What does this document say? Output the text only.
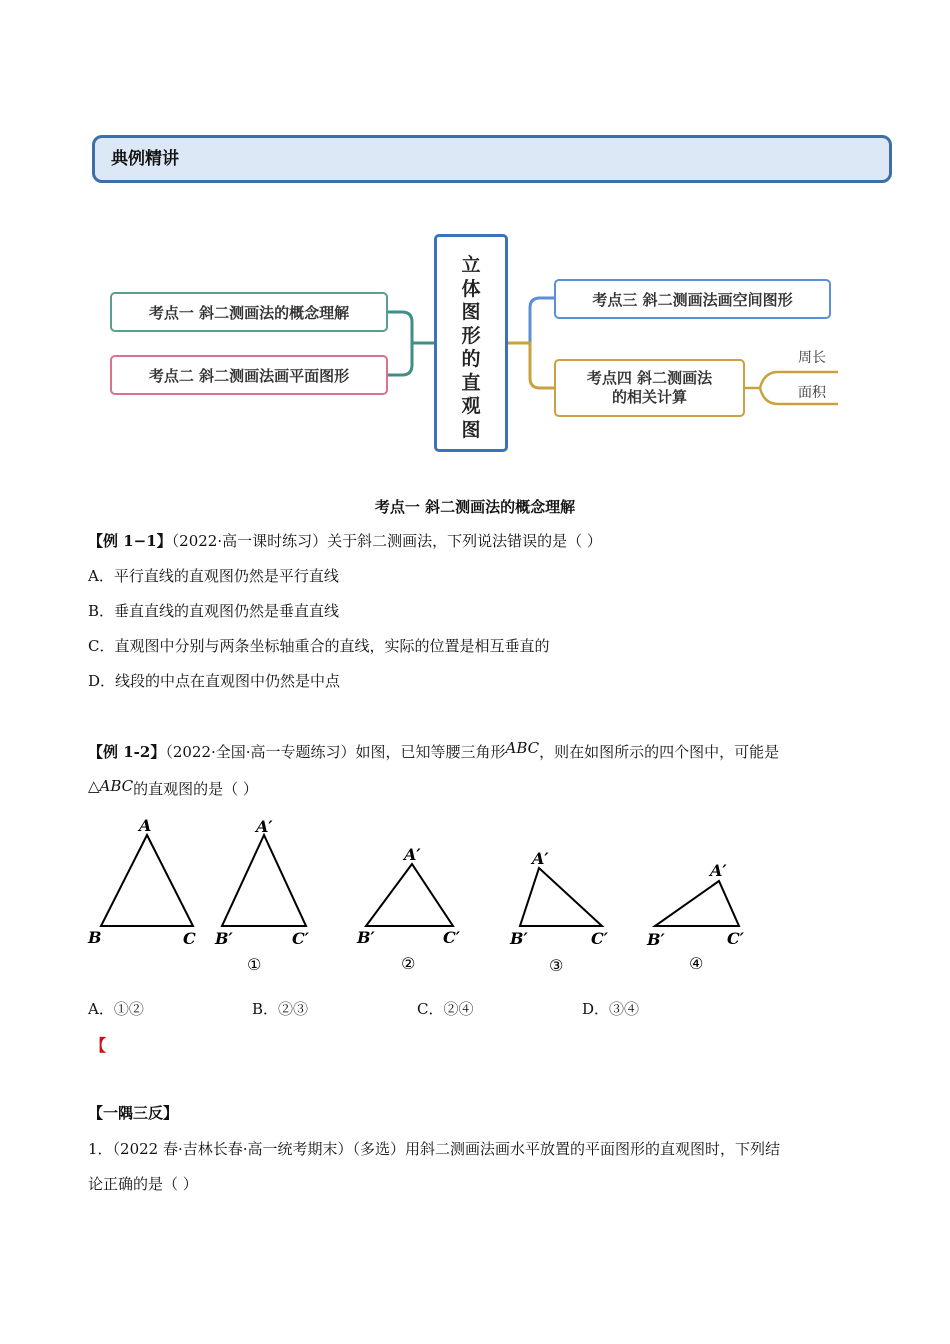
典例精讲
立
体
图
形
的
直
观
图
考点一 斜二测画法的概念理解
考点二 斜二测画法画平面图形
考点三 斜二测画法画空间图形
考点四 斜二测画法
的相关计算
周长
面积
考点一 斜二测画法的概念理解
【例 1−1】（2022·高一课时练习）关于斜二测画法，下列说法错误的是（ ）
A．平行直线的直观图仍然是平行直线
B．垂直直线的直观图仍然是垂直直线
C．直观图中分别与两条坐标轴重合的直线，实际的位置是相互垂直的
D．线段的中点在直观图中仍然是中点
【例 1-2】（2022·全国·高一专题练习）如图，已知等腰三角形ABC，则在如图所示的四个图中，可能是
△ABC的直观图的是（ ）
A
B	C
A′
B′	C′
A′
B′	C′
A′
B′	C′
A′
B′	C′
①	②	③	④
A．①②	B．②③	C．②④	D．③④
【
【一隅三反】
1．（2022 春·吉林长春·高一统考期末）（多选）用斜二测画法画水平放置的平面图形的直观图时，下列结
论正确的是（ ）
